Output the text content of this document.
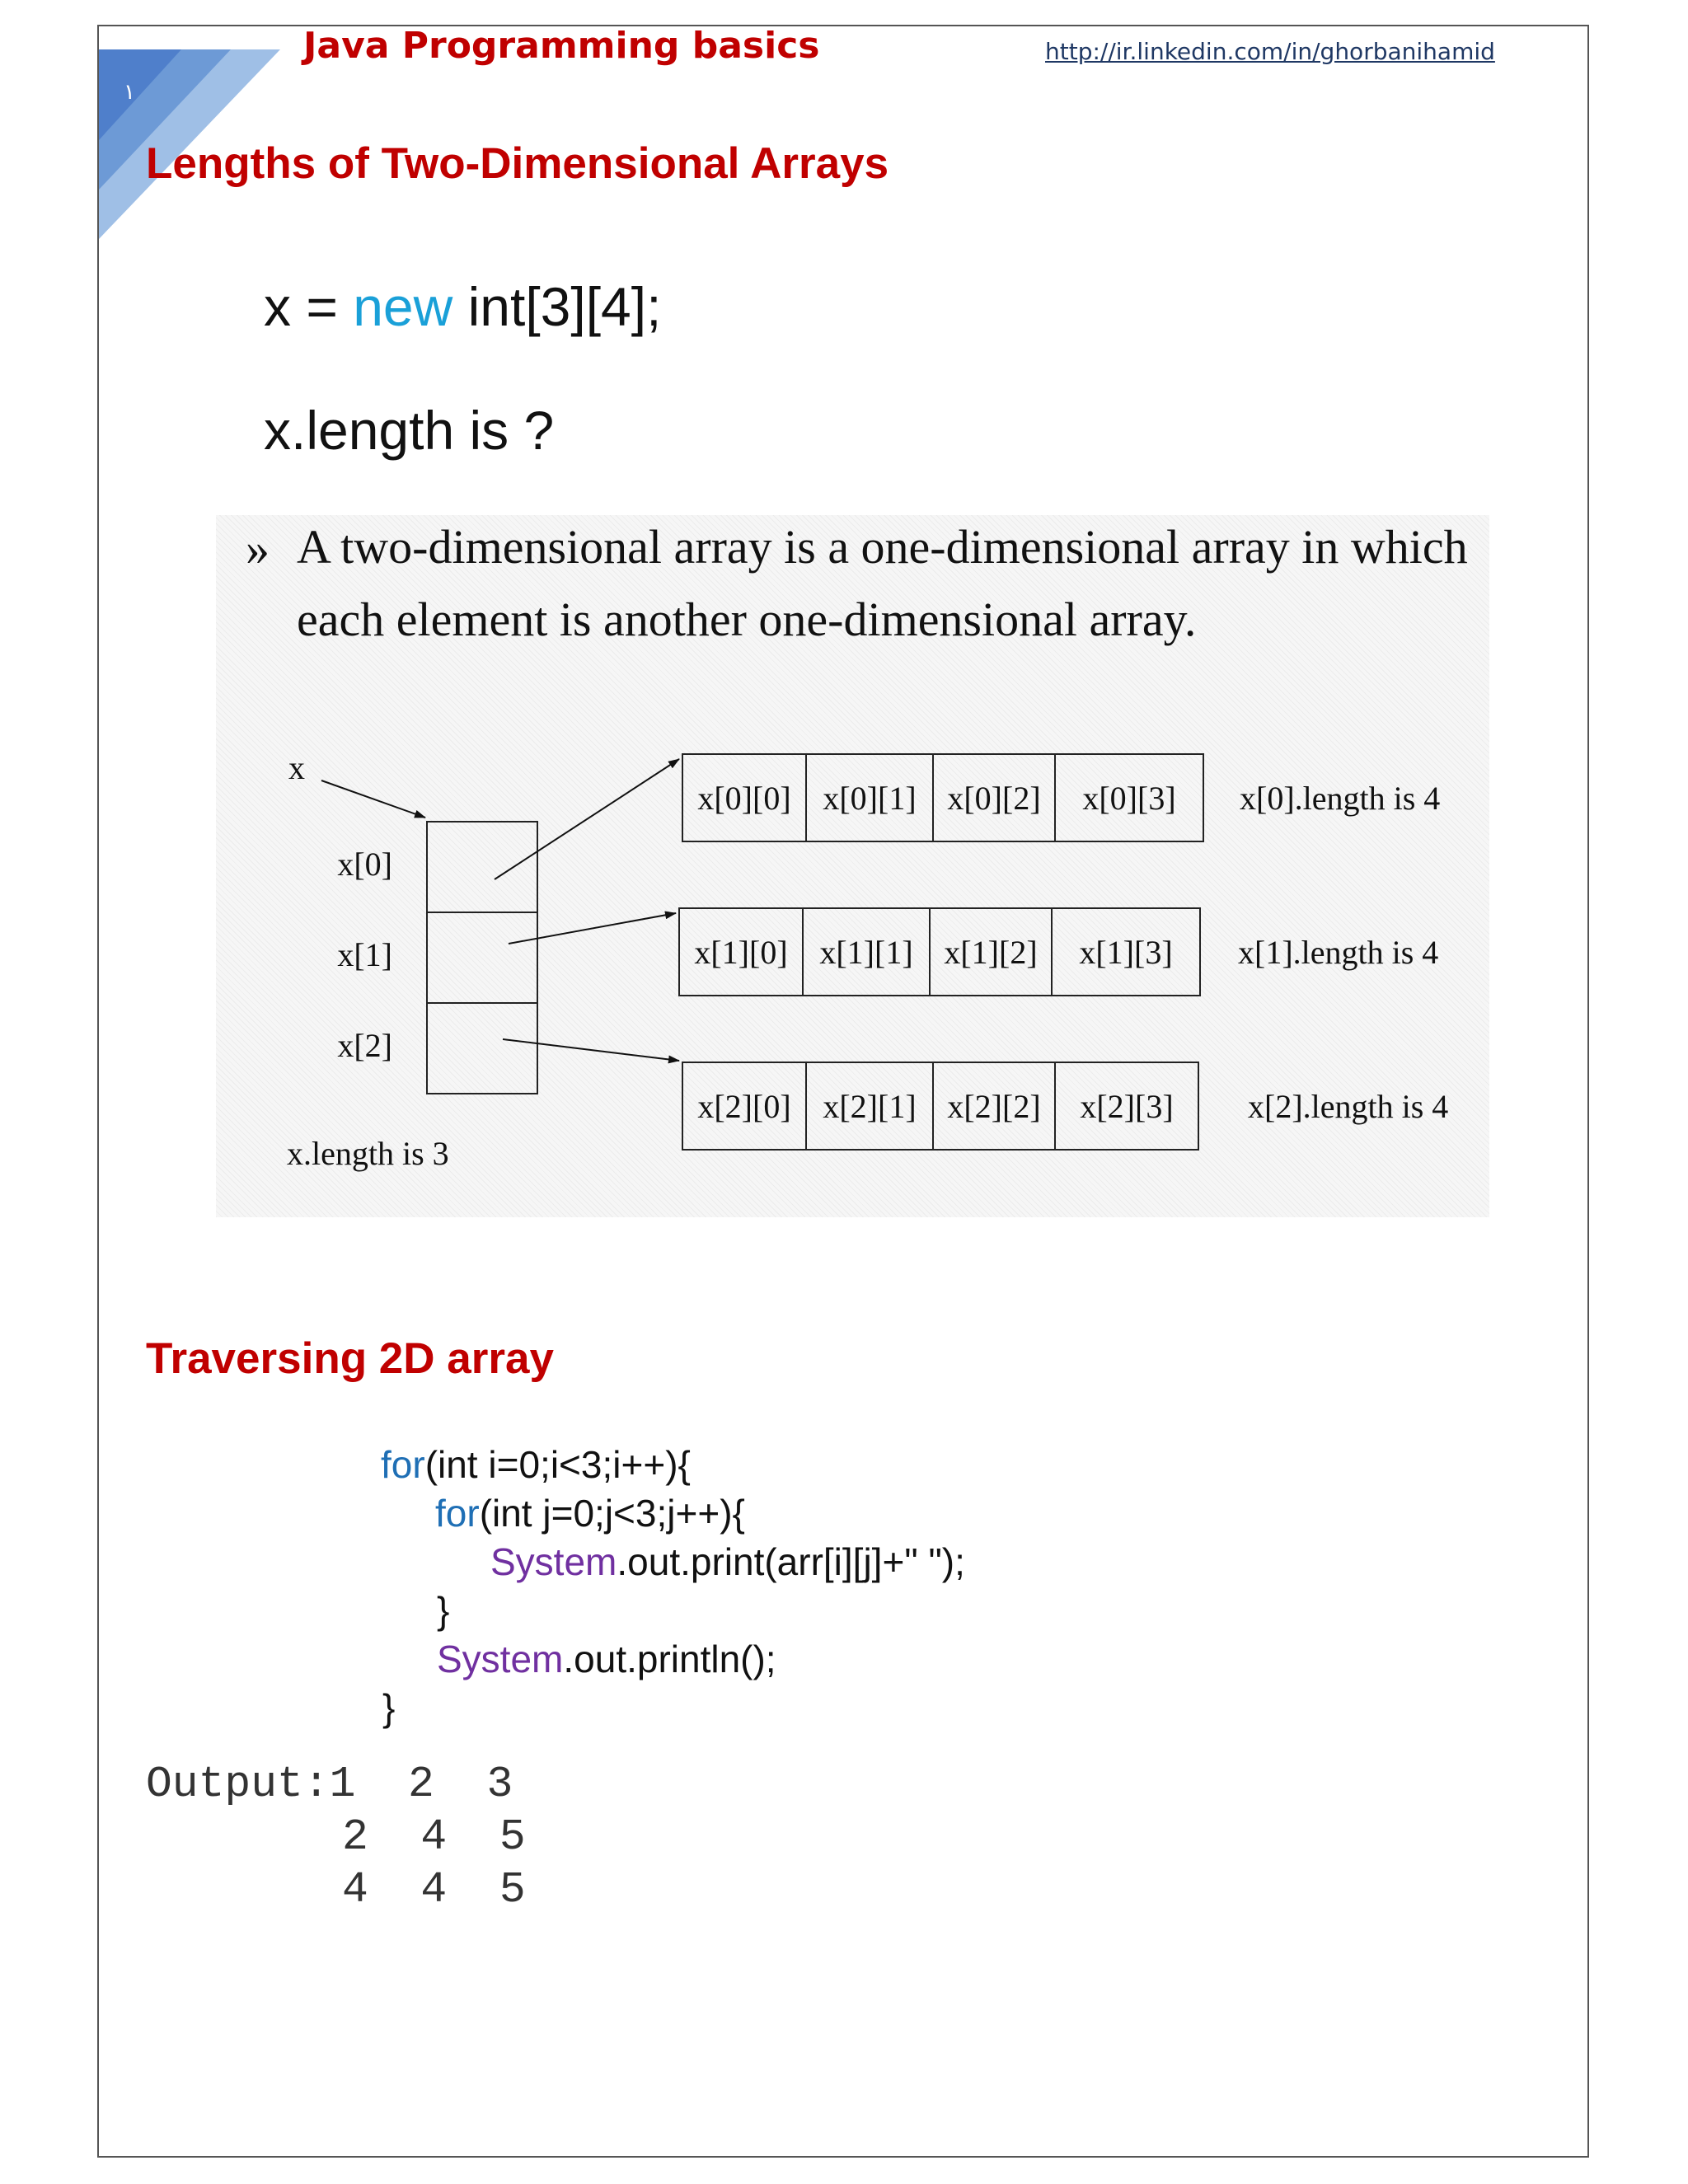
١
Java Programming basics	http://ir.linkedin.com/in/ghorbanihamid
Lengths of Two-Dimensional Arrays
x = new int[3][4];
x.length is ?
» A two-dimensional array is a one-dimensional array in which
each element is another one-dimensional array.
x
x[0]
x[1]
x[2]
x[0][0] x[0][1] x[0][2] x[0][3] x[0].length is 4
x[1][0] x[1][1] x[1][2] x[1][3] x[1].length is 4
x[2][0] x[2][1] x[2][2] x[2][3] x[2].length is 4
x.length is 3
Traversing 2D array
for(int i=0;i<3;i++){
for(int j=0;j<3;j++){
System.out.print(arr[i][j]+" ");
}
System.out.println();
}
Output:1  2  3
2  4  5
4  4  5
